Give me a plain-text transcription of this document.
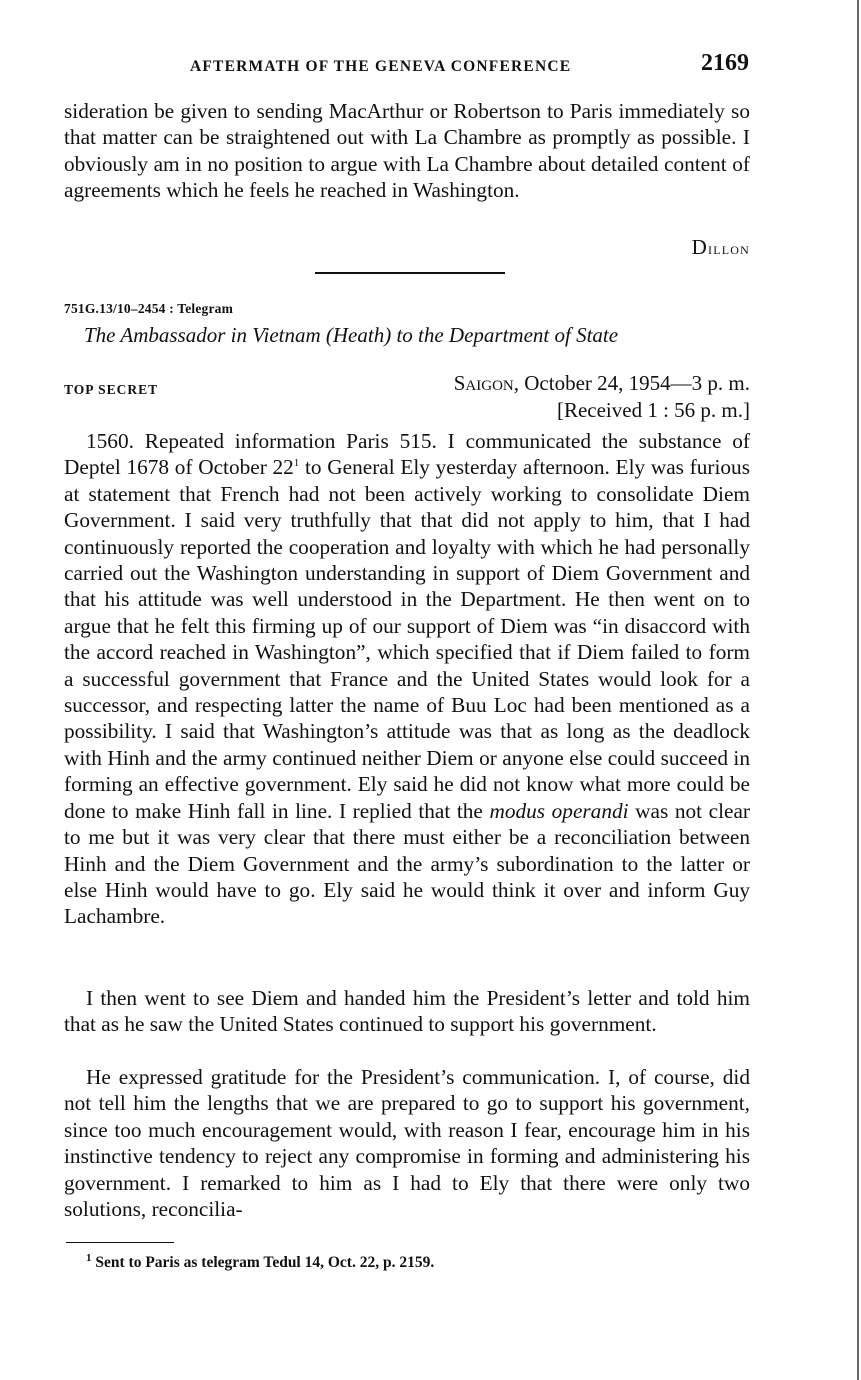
AFTERMATH OF THE GENEVA CONFERENCE	2169

sideration be given to sending MacArthur or Robertson to Paris immediately so that matter can be straightened out with La Chambre as promptly as possible. I obviously am in no position to argue with La Chambre about detailed content of agreements which he feels he reached in Washington.

Dillon
751G.13/10–2454 : Telegram
The Ambassador in Vietnam (Heath) to the Department of State
TOP SECRET	Saigon, October 24, 1954—3 p. m.
[Received 1 : 56 p. m.]

1560. Repeated information Paris 515. I communicated the substance of Deptel 1678 of October $22^1$ to General Ely yesterday afternoon. Ely was furious at statement that French had not been actively working to consolidate Diem Government. I said very truthfully that that did not apply to him, that I had continuously reported the cooperation and loyalty with which he had personally carried out the Washington understanding in support of Diem Government and that his attitude was well understood in the Department. He then went on to argue that he felt this firming up of our support of Diem was “in disaccord with the accord reached in Washington”, which specified that if Diem failed to form a successful government that France and the United States would look for a successor, and respecting latter the name of Buu Loc had been mentioned as a possibility. I said that Washington’s attitude was that as long as the deadlock with Hinh and the army continued neither Diem or anyone else could succeed in forming an effective government. Ely said he did not know what more could be done to make Hinh fall in line. I replied that the modus operandi was not clear to me but it was very clear that there must either be a reconciliation between Hinh and the Diem Government and the army’s subordination to the latter or else Hinh would have to go. Ely said he would think it over and inform Guy Lachambre.

I then went to see Diem and handed him the President’s letter and told him that as he saw the United States continued to support his government.

He expressed gratitude for the President’s communication. I, of course, did not tell him the lengths that we are prepared to go to support his government, since too much encouragement would, with reason I fear, encourage him in his instinctive tendency to reject any compromise in forming and administering his government. I remarked to him as I had to Ely that there were only two solutions, reconcilia-

$^1$ Sent to Paris as telegram Tedul 14, Oct. 22, p. 2159.
